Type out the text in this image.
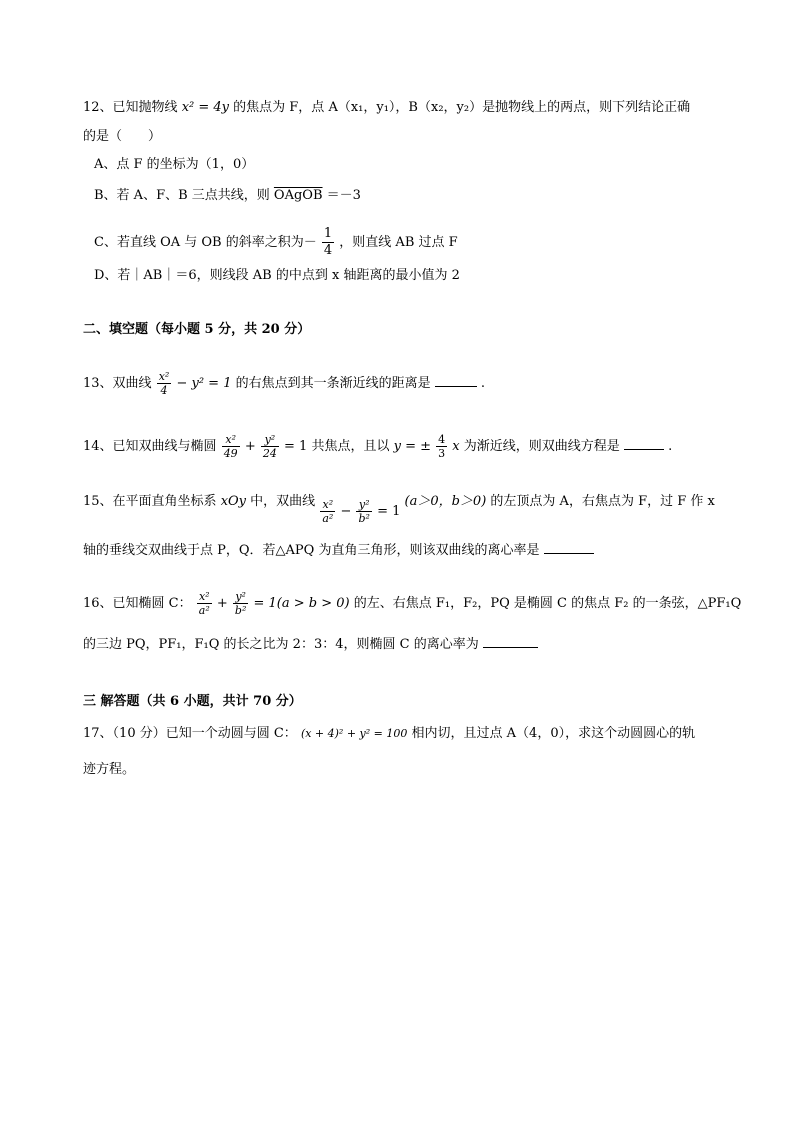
12、已知抛物线 x² = 4y 的焦点为 F，点 A（x₁，y₁），B（x₂，y₂）是抛物线上的两点，则下列结论正确
的是（　　）
A、点 F 的坐标为（1，0）
B、若 A、F、B 三点共线，则 OAgOB ＝－3
C、若直线 OA 与 OB 的斜率之积为－ $\frac{1}{4}$ ，则直线 AB 过点 F
D、若｜AB｜＝6，则线段 AB 的中点到 x 轴距离的最小值为 2
二、填空题（每小题 5 分，共 20 分）
13、双曲线 $\frac{\text{x²}}{4} - y^2 = 1$ 的右焦点到其一条渐近线的距离是	.
14、已知双曲线与椭圆 $\frac{\text{x²}}{49} + \frac{\text{y²}}{24} = 1$ 共焦点，且以 y = ± $\frac{4}{3}$ x 为渐近线，则双曲线方程是	.
15、在平面直角坐标系 xOy 中，双曲线 $\frac{\text{x²}}{\text{a²}} - \frac{\text{y²}}{\text{b²}} = 1$ (a＞0，b＞0) 的左顶点为 A，右焦点为 F，过 F 作 x
轴的垂线交双曲线于点 P，Q．若△APQ 为直角三角形，则该双曲线的离心率是
16、已知椭圆 C： $\frac{\text{x²}}{\text{a²}} + \frac{\text{y²}}{\text{b²}} = 1(a > b > 0)$ 的左、右焦点 F₁，F₂，PQ 是椭圆 C 的焦点 F₂ 的一条弦，△PF₁Q
的三边 PQ，PF₁，F₁Q 的长之比为 2：3：4，则椭圆 C 的离心率为
三 解答题（共 6 小题，共计 70 分）
17、（10 分）已知一个动圆与圆 C： (x + 4)² + y² = 100 相内切，且过点 A（4，0），求这个动圆圆心的轨
迹方程。
